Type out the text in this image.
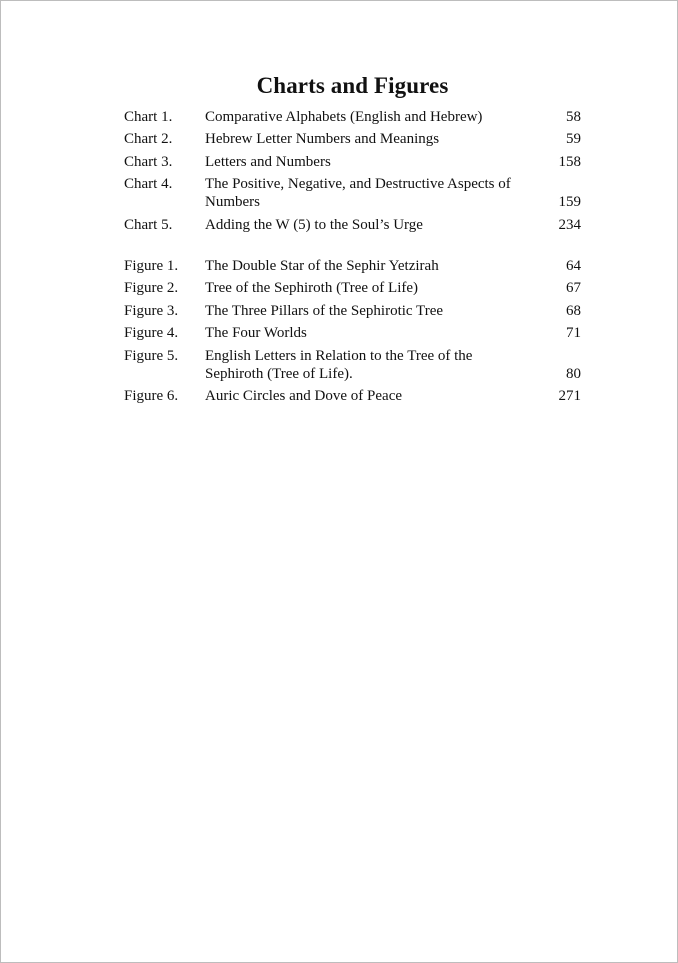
Charts and Figures
Chart 1.	Comparative Alphabets (English and Hebrew)	58
Chart 2.	Hebrew Letter Numbers and Meanings	59
Chart 3.	Letters and Numbers	158
Chart 4.	The Positive, Negative, and Destructive Aspects of Numbers	159
Chart 5.	Adding the W (5) to the Soul’s Urge	234
Figure 1.	The Double Star of the Sephir Yetzirah	64
Figure 2.	Tree of the Sephiroth (Tree of Life)	67
Figure 3.	The Three Pillars of the Sephirotic Tree	68
Figure 4.	The Four Worlds	71
Figure 5.	English Letters in Relation to the Tree of the Sephiroth (Tree of Life).	80
Figure 6.	Auric Circles and Dove of Peace	271
